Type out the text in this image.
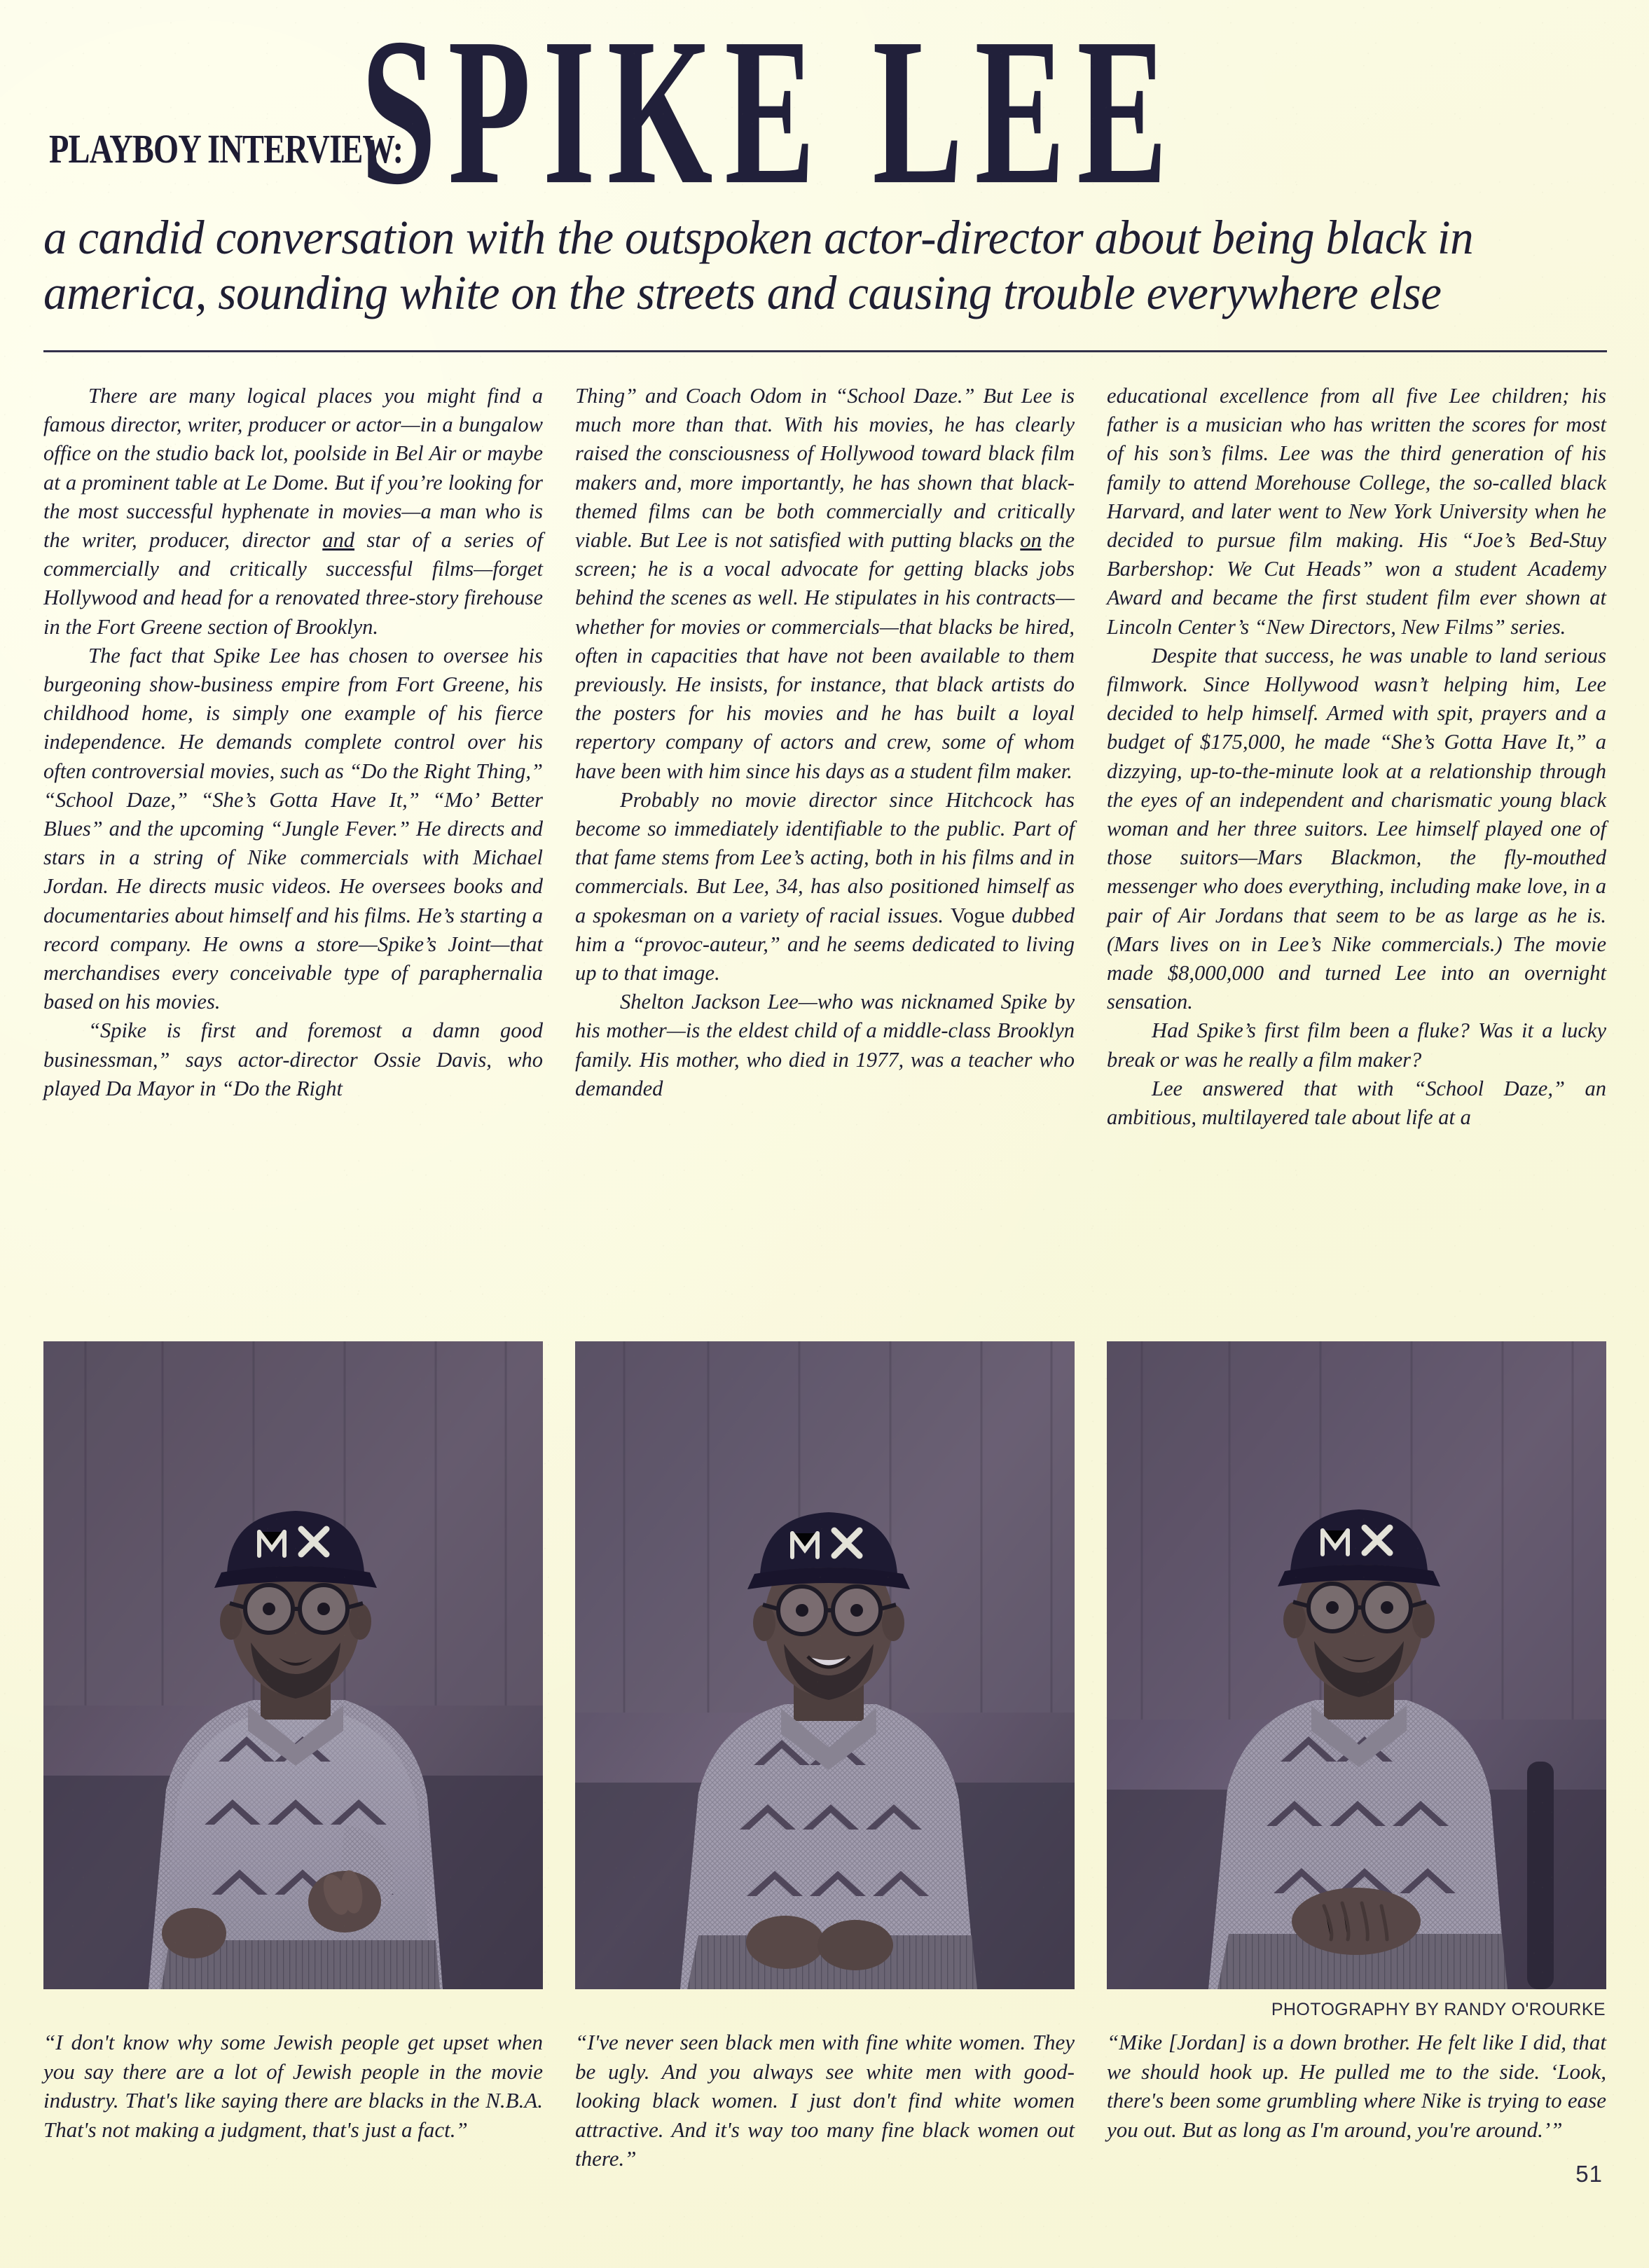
PLAYBOY INTERVIEW:
SPIKE LEE
a candid conversation with the outspoken actor-director about being black in
america, sounding white on the streets and causing trouble everywhere else

There are many logical places you might find a famous director, writer, producer or actor—in a bungalow office on the studio back lot, poolside in Bel Air or maybe at a prominent table at Le Dome. But if you’re looking for the most successful hyphenate in movies—a man who is the writer, producer, director and star of a series of commercially and critically successful films—forget Hollywood and head for a renovated three-story firehouse in the Fort Greene section of Brooklyn.

The fact that Spike Lee has chosen to oversee his burgeoning show-business empire from Fort Greene, his childhood home, is simply one example of his fierce independence. He demands complete control over his often controversial movies, such as “Do the Right Thing,” “School Daze,” “She’s Gotta Have It,” “Mo’ Better Blues” and the upcoming “Jungle Fever.” He directs and stars in a string of Nike commercials with Michael Jordan. He directs music videos. He oversees books and documentaries about himself and his films. He’s starting a record company. He owns a store—Spike’s Joint—that merchandises every conceivable type of paraphernalia based on his movies.

“Spike is first and foremost a damn good businessman,” says actor-director Ossie Davis, who played Da Mayor in “Do the Right

Thing” and Coach Odom in “School Daze.” But Lee is much more than that. With his movies, he has clearly raised the consciousness of Hollywood toward black film makers and, more importantly, he has shown that black-themed films can be both commercially and critically viable. But Lee is not satisfied with putting blacks on the screen; he is a vocal advocate for getting blacks jobs behind the scenes as well. He stipulates in his contracts—whether for movies or commercials—that blacks be hired, often in capacities that have not been available to them previously. He insists, for instance, that black artists do the posters for his movies and he has built a loyal repertory company of actors and crew, some of whom have been with him since his days as a student film maker.

Probably no movie director since Hitchcock has become so immediately identifiable to the public. Part of that fame stems from Lee’s acting, both in his films and in commercials. But Lee, 34, has also positioned himself as a spokesman on a variety of racial issues. Vogue dubbed him a “provoc-auteur,” and he seems dedicated to living up to that image.

Shelton Jackson Lee—who was nicknamed Spike by his mother—is the eldest child of a middle-class Brooklyn family. His mother, who died in 1977, was a teacher who demanded

educational excellence from all five Lee children; his father is a musician who has written the scores for most of his son’s films. Lee was the third generation of his family to attend Morehouse College, the so-called black Harvard, and later went to New York University when he decided to pursue film making. His “Joe’s Bed-Stuy Barbershop: We Cut Heads” won a student Academy Award and became the first student film ever shown at Lincoln Center’s “New Directors, New Films” series.

Despite that success, he was unable to land serious filmwork. Since Hollywood wasn’t helping him, Lee decided to help himself. Armed with spit, prayers and a budget of $175,000, he made “She’s Gotta Have It,” a dizzying, up-to-the-minute look at a relationship through the eyes of an independent and charismatic young black woman and her three suitors. Lee himself played one of those suitors—Mars Blackmon, the fly-mouthed messenger who does everything, including make love, in a pair of Air Jordans that seem to be as large as he is. (Mars lives on in Lee’s Nike commercials.) The movie made $8,000,000 and turned Lee into an overnight sensation.

Had Spike’s first film been a fluke? Was it a lucky break or was he really a film maker?

Lee answered that with “School Daze,” an ambitious, multilayered tale about life at a

PHOTOGRAPHY BY RANDY O'ROURKE
“I don't know why some Jewish people get upset when you say there are a lot of Jewish people in the movie industry. That's like saying there are blacks in the N.B.A. That's not making a judgment, that's just a fact.”
“I've never seen black men with fine white women. They be ugly. And you always see white men with good-looking black women. I just don't find white women attractive. And it's way too many fine black women out there.”
“Mike [Jordan] is a down brother. He felt like I did, that we should hook up. He pulled me to the side. ‘Look, there's been some grumbling where Nike is trying to ease you out. But as long as I'm around, you're around.’”
51
